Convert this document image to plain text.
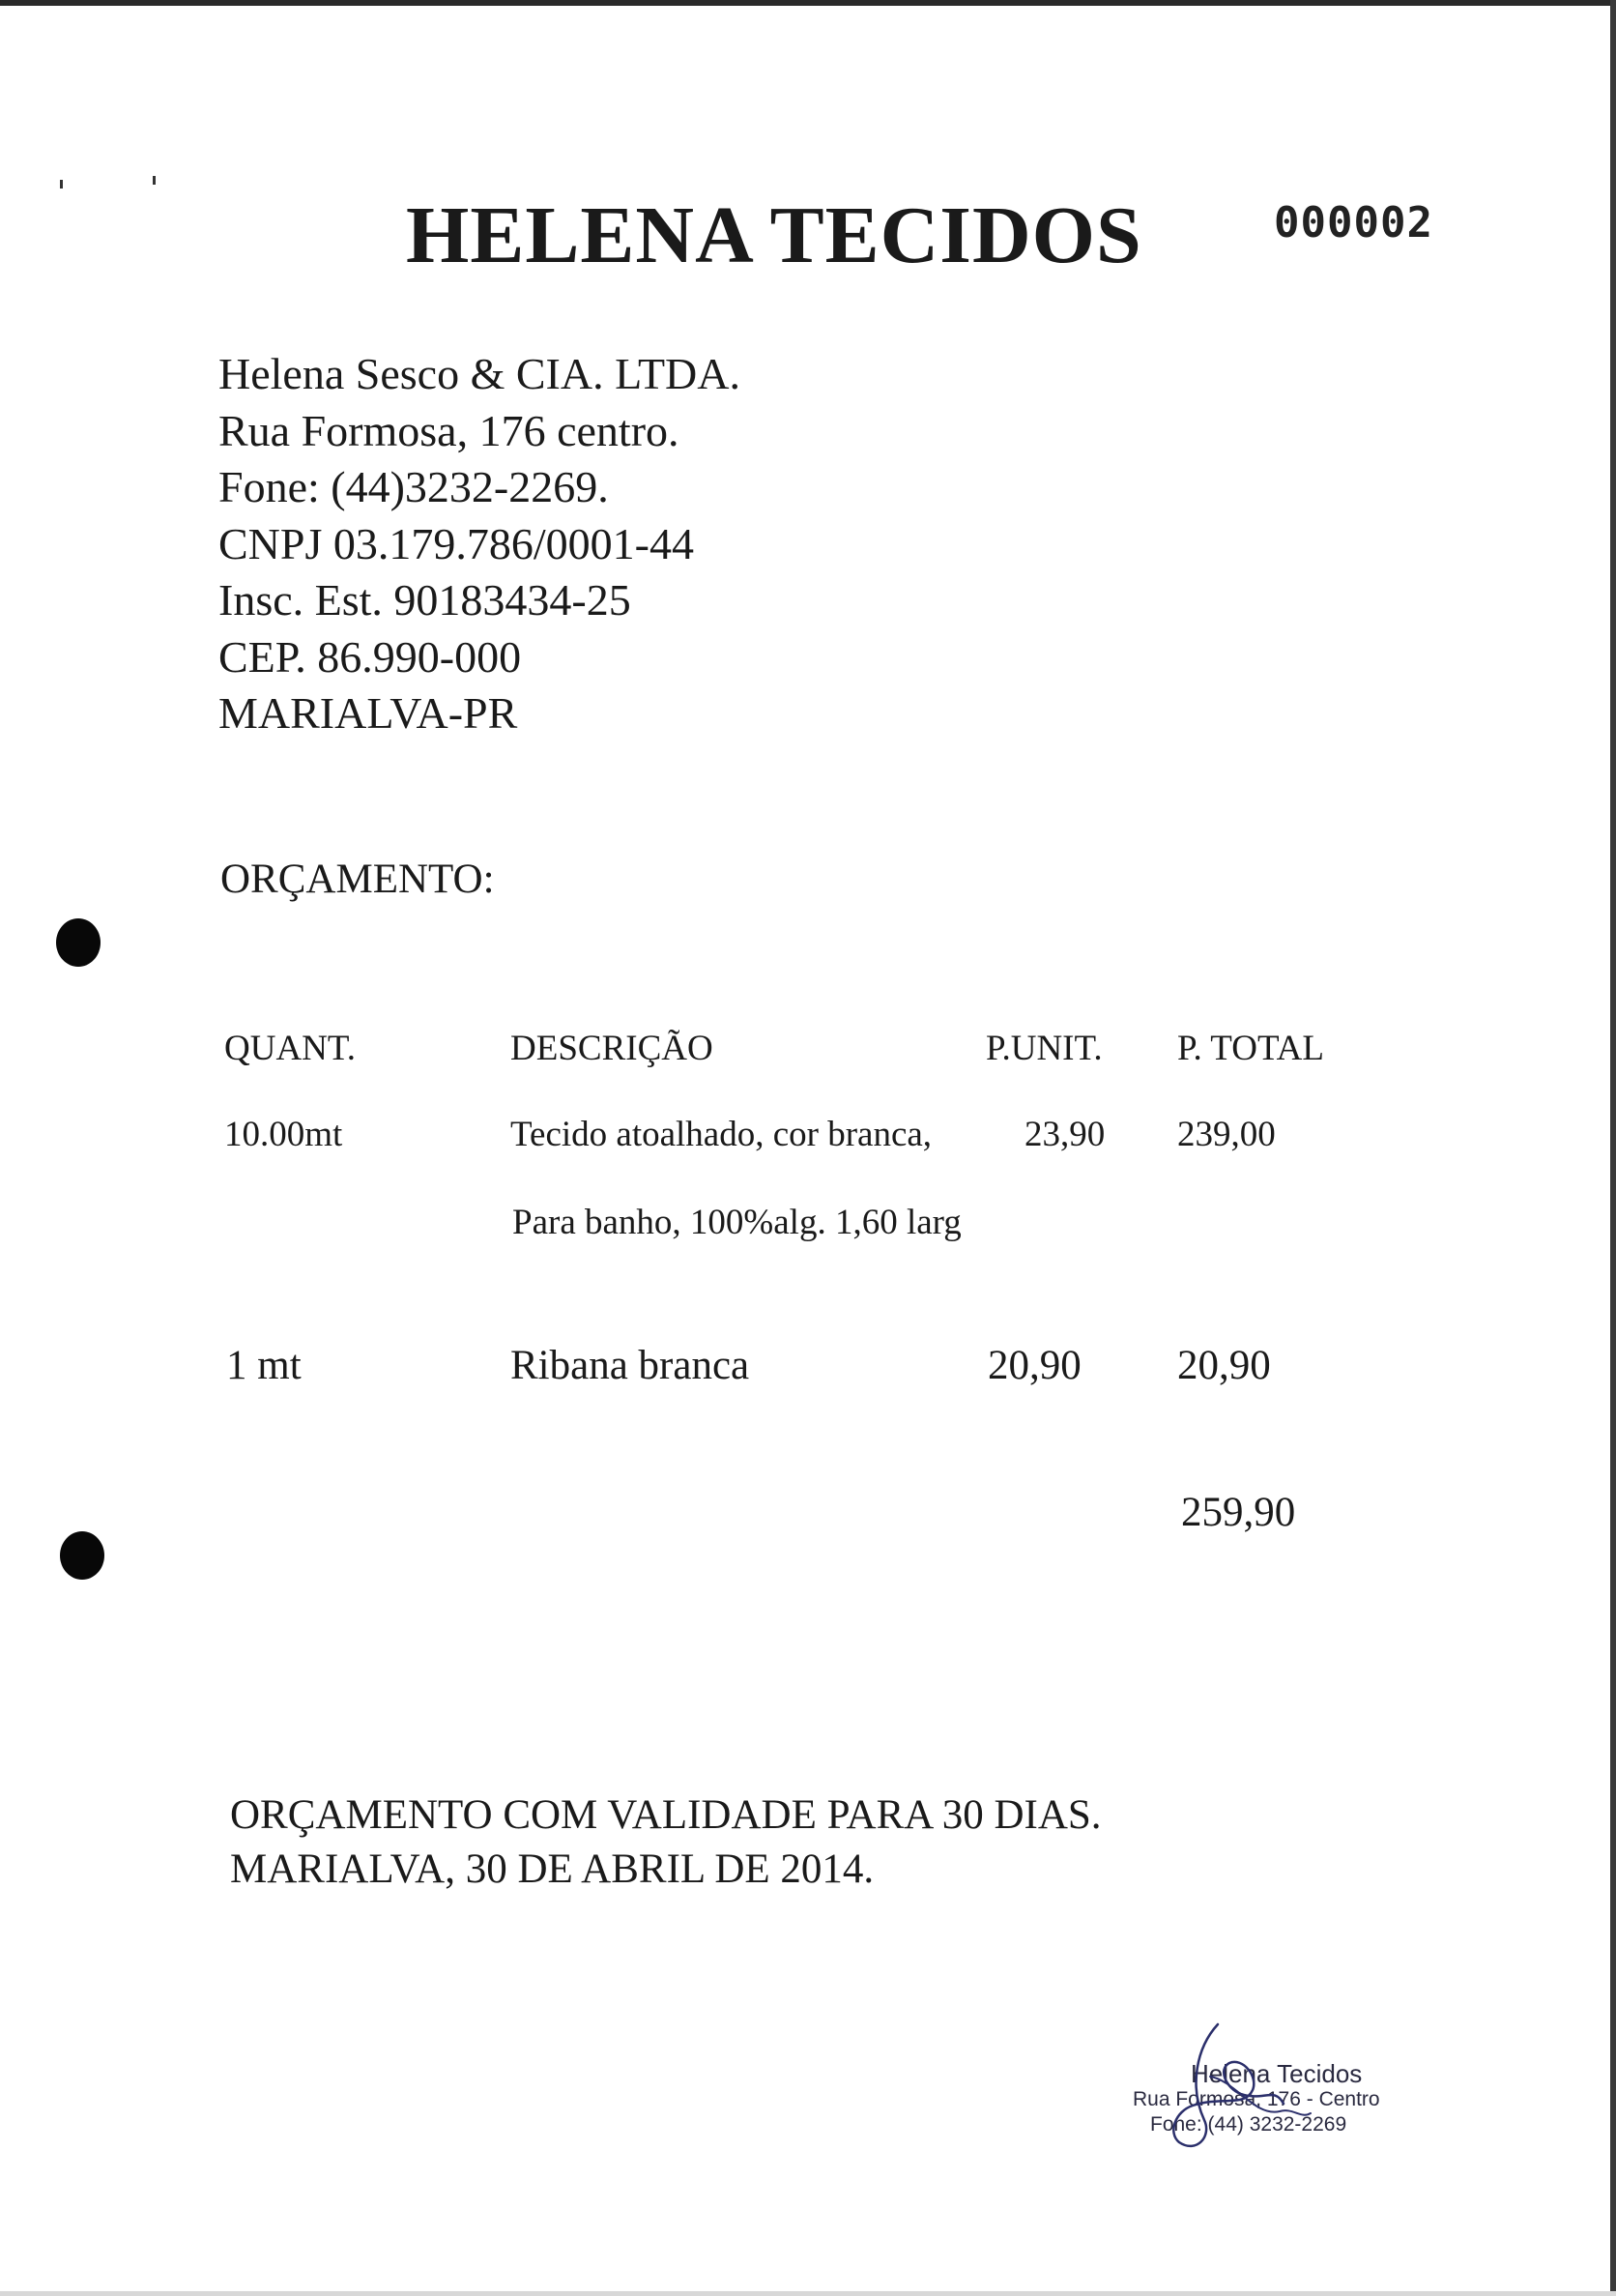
HELENA TECIDOS	000002
Helena Sesco & CIA. LTDA.
Rua Formosa, 176 centro.
Fone: (44)3232-2269.
CNPJ 03.179.786/0001-44
Insc. Est. 90183434-25
CEP. 86.990-000
MARIALVA-PR
ORÇAMENTO:
QUANT.	DESCRIÇÃO	P.UNIT. P. TOTAL
10.00mt	Tecido atoalhado, cor branca,	23,90 239,00
Para banho, 100%alg. 1,60 larg
1 mt	Ribana branca	20,90 20,90
259,90
ORÇAMENTO COM VALIDADE PARA 30 DIAS.
MARIALVA, 30 DE ABRIL DE 2014.
Helena Tecidos
Rua Formosa, 176 - Centro
Fone: (44) 3232-2269
